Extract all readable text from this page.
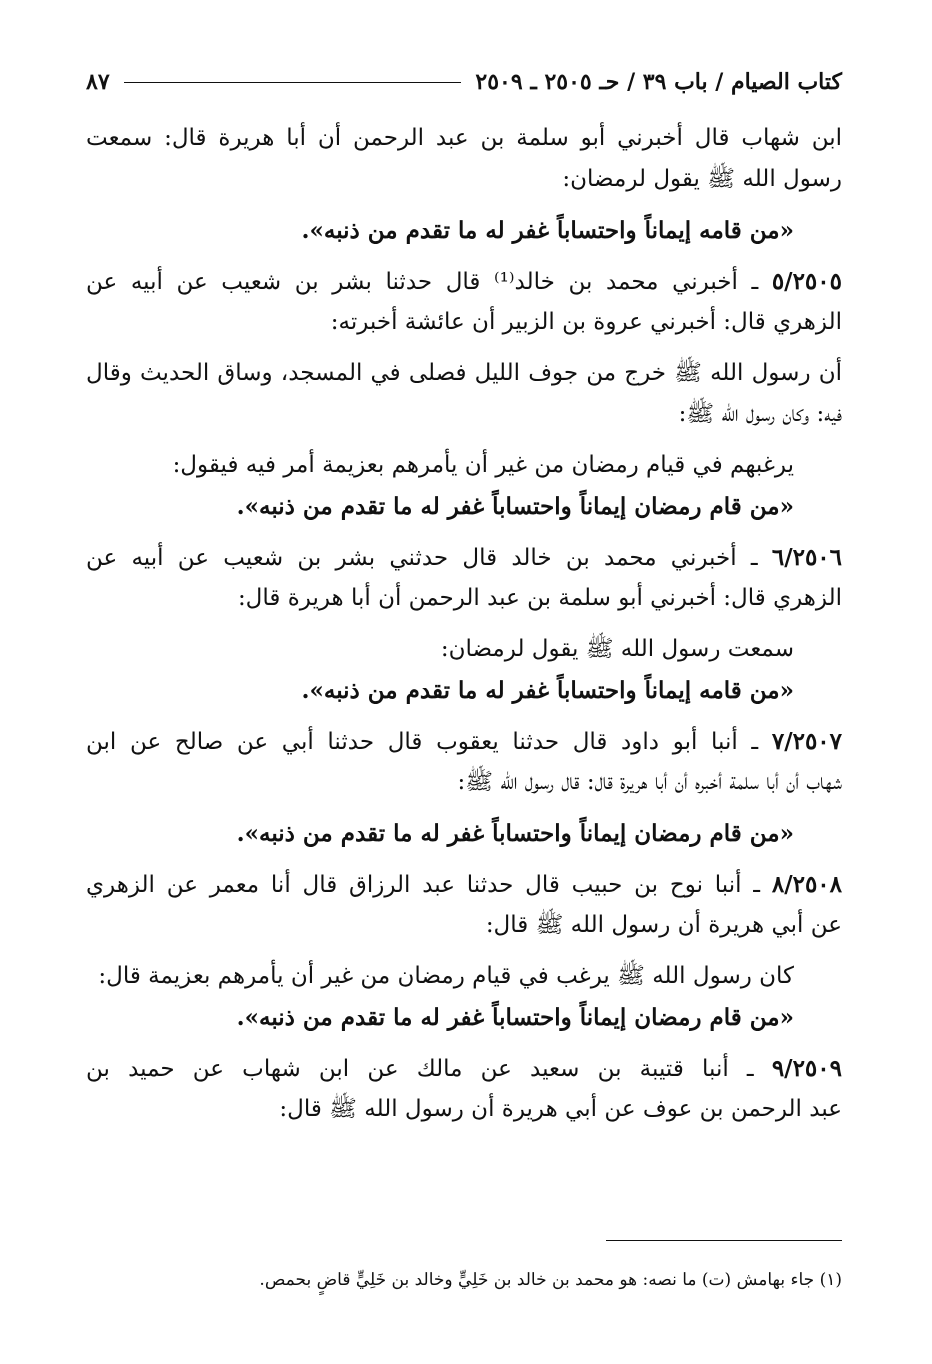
كتاب الصيام / باب ٣٩ / حـ ٢٥٠٥ ـ ٢٥٠٩
٨٧
ابن شهاب قال أخبرني أبو سلمة بن عبد الرحمن أن أبا هريرة قال: سمعت
رسول الله ﷺ يقول لرمضان:
«من قامه إيماناً واحتساباً غفر له ما تقدم من ذنبه».
٥/٢٥٠٥ ـ أخبرني محمد بن خالد⁽¹⁾ قال حدثنا بشر بن شعيب عن أبيه عن
الزهري قال: أخبرني عروة بن الزبير أن عائشة أخبرته:
أن رسول الله ﷺ خرج من جوف الليل فصلى في المسجد، وساق الحديث وقال
فيه: وكان رسول الله ﷺ:
يرغبهم في قيام رمضان من غير أن يأمرهم بعزيمة أمر فيه فيقول:
«من قام رمضان إيماناً واحتساباً غفر له ما تقدم من ذنبه».
٦/٢٥٠٦ ـ أخبرني محمد بن خالد قال حدثني بشر بن شعيب عن أبيه عن
الزهري قال: أخبرني أبو سلمة بن عبد الرحمن أن أبا هريرة قال:
سمعت رسول الله ﷺ يقول لرمضان:
«من قامه إيماناً واحتساباً غفر له ما تقدم من ذنبه».
٧/٢٥٠٧ ـ أنبا أبو داود قال حدثنا يعقوب قال حدثنا أبي عن صالح عن ابن
شهاب أن أبا سلمة أخبره أن أبا هريرة قال: قال رسول الله ﷺ:
«من قام رمضان إيماناً واحتساباً غفر له ما تقدم من ذنبه».
٨/٢٥٠٨ ـ أنبا نوح بن حبيب قال حدثنا عبد الرزاق قال أنا معمر عن الزهري
عن أبي هريرة أن رسول الله ﷺ قال:
كان رسول الله ﷺ يرغب في قيام رمضان من غير أن يأمرهم بعزيمة قال:
«من قام رمضان إيماناً واحتساباً غفر له ما تقدم من ذنبه».
٩/٢٥٠٩ ـ أنبا قتيبة بن سعيد عن مالك عن ابن شهاب عن حميد بن
عبد الرحمن بن عوف عن أبي هريرة أن رسول الله ﷺ قال:
(١) جاء بهامش (ت) ما نصه: هو محمد بن خالد بن خَلِيٍّ وخالد بن خَلِيٍّ قاضٍ بحمص.
